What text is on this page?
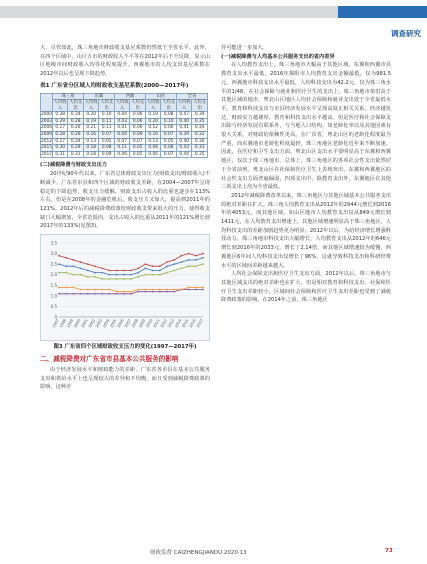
调查研究

大，尽管如此，珠三角地市财政收支基尼系数仍然低于全省水平。此外，在四个区域中，山区五市的财政收入不平等在2012年后不升反降，显示山区地级市间财政收入均等化程度提升。西翼地市的人均支出基尼系数在2012年以后也呈现下降趋势。

表1 广东省分区域人均财政收支基尼系数(2000—2017年)
	珠三角		东翼		西翼		山区		全省	
	人均收入	人均支出	人均收入	人均支出	人均收入	人均支出	人均收入	人均支出	人均收入	人均支出
2000	0.38	0.34	0.20	0.10	0.04	0.06	0.19	0.08	0.47	0.39
2003	0.29	0.28	0.19	0.11	0.03	0.06	0.20	0.10	0.40	0.35
2006	0.27	0.26	0.21	0.11	0.01	0.06	0.12	0.06	0.41	0.34
2009	0.28	0.26	0.16	0.07	0.04	0.09	0.16	0.07	0.39	0.32
2012	0.27	0.24	0.13	0.05	0.07	0.07	0.13	0.05	0.40	0.30
2015	0.30	0.29	0.18	0.08	0.11	0.05	0.06	0.08	0.43	0.33
2017	0.31	0.31	0.18	0.09	0.06	0.05	0.06	0.07	0.44	0.35

(二)减税降费与财政支出压力

20世纪90年代以来，广东省总体财政支出压力(财政支出/财政收入)不断减少。广东省市县和四个区域的财政收支差距，在2004—2007年呈现稳定的下降趋势，收支压力缓解，财政支出占收入的比重也逐步在113%左右。但是在2008年的金融危机后，收支压力又加大，提高到2011年的121%。2012年后的减税降费政策给财政收支带来很大的压力，使得收支缺口大幅增加，全省范围内，支出占收入的比重从2011年的121%增长到2017年的133%(见图3)。

0
0.5
1.0
1.5
2.0
2.5
3.0
3.5
1997 1998 1999 2000 2001 2002 2003 2004 2005 2006 2007 2008 2009 2010 2011 2012 2013 2014 2015 2016 2017
图3 广东省四个区域财政收支压力的变化(1997—2017年)
二、减税降费对广东省市县基本公共服务的影响

由于经济发展水平和财政能力的差距，广东省各市县在基本公共服务支出和供给水平上也呈现较大的差异和不均衡，而且受到减税降费政策的影响，这种差

异可能进一步加大。

(一)减税降费与人均基本公共服务支出的省内差异

在人均教育支出上，珠三角地市大幅高于其他区域，东翼和西翼市县教育支出水平最低，2016年揭阳市人均教育支出金额最低，仅为981.5元。西翼地市科技支出水平最低，人均科技支出为42.2元，仅为珠三角水平的1/48，在社会保障与就业和医疗卫生的支出上，珠三角地市依旧高于其他区域的地市，粤北山区地区人均社会保障和就业支出处于全省最低水平。教育和科技支出与市县经济发展水平呈现高度正相关关系，经济越发达，财政实力越雄厚，教育和科技支出水平越高。但是医疗和社会保障支出除与经济发展有联系外，与当地人口结构，如老龄化率以及其他因素有很大关系，对财政的依赖性更高。在广东省，粤北山区的老龄化程度最为严重，而东翼地市老龄化程度最轻，珠三角地区老龄化近年来不断加速。因此，在医疗和卫生支出方面，粤北山区支出水平要明显高于东翼和西翼地区，仅次于珠三角地市。总体上，珠三角地区的各项社会性支出依然居于全省前列。粤北山区在社保和医疗卫生上表现突出，东翼和西翼地区的社会性支出方面普遍偏弱，四项支出中，除教育支出外，东翼地区在其他三项支出上均为全省最低。

2012年减税降费改革以来，珠三角地区与其他区域基本公共服务支出的绝对差距在扩大。珠三角人均教育支出从2012年的2944元增长到2016年的4053元，而其他区域，如山区地市人均教育支出仅从849元增长到1411元，在人均教育支出增速上，其他区域增速明显高于珠三角地区。人均科技支出的差距加剧趋势更为明显，2012年以后，为给经济增长增强科技动力，珠三角地市科技支出大幅增长，人均教育支出从2012年的646元增长到2016年的2033元，增长了2.14倍，而其他区域增速较为缓慢，西翼地区6年间人均科技支出仅增长了96%，这就导致科技支出和科研经费水平的区域间差距越来越大。

人均社会保障支出和医疗卫生支出方面，2012年以后，珠三角地市与其他区域支出的绝对差距也在扩大。但是相对教育和科技支出，社保和医疗卫生支出差距较小，区域间社会保障和医疗卫生支出差距也受到了减税降费政策的影响，在2014年之前，珠三角地区

财政监督 CAIZHENGJIANDU 2020·13	73
